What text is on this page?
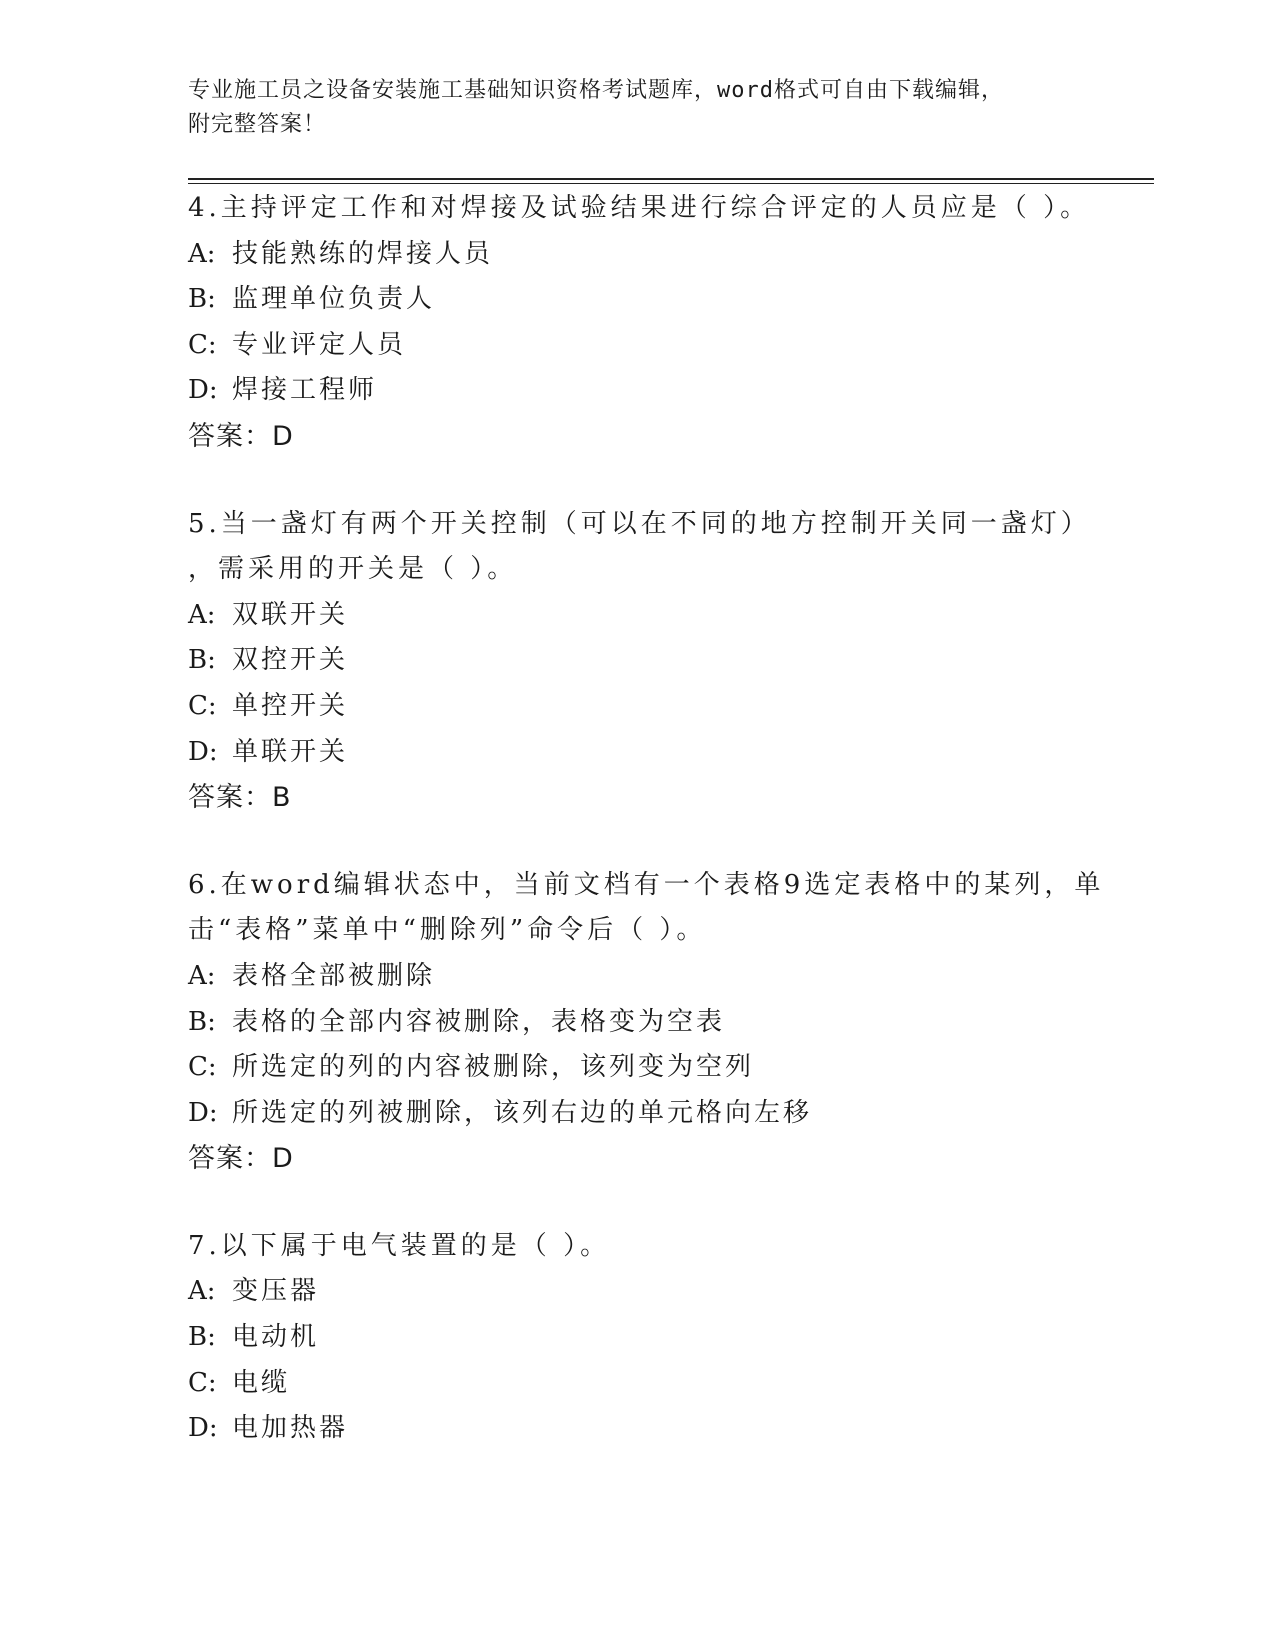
专业施工员之设备安装施工基础知识资格考试题库，word格式可自由下载编辑，
附完整答案！
4.主持评定工作和对焊接及试验结果进行综合评定的人员应是（ ）。
A: 技能熟练的焊接人员
B: 监理单位负责人
C: 专业评定人员
D: 焊接工程师
答案：D
5.当一盏灯有两个开关控制（可以在不同的地方控制开关同一盏灯）
，需采用的开关是（ ）。
A: 双联开关
B: 双控开关
C: 单控开关
D: 单联开关
答案：B
6.在word编辑状态中，当前文档有一个表格9选定表格中的某列，单
击“表格”菜单中“删除列”命令后（ ）。
A: 表格全部被删除
B: 表格的全部内容被删除，表格变为空表
C: 所选定的列的内容被删除，该列变为空列
D: 所选定的列被删除，该列右边的单元格向左移
答案：D
7.以下属于电气装置的是（ ）。
A: 变压器
B: 电动机
C: 电缆
D: 电加热器
